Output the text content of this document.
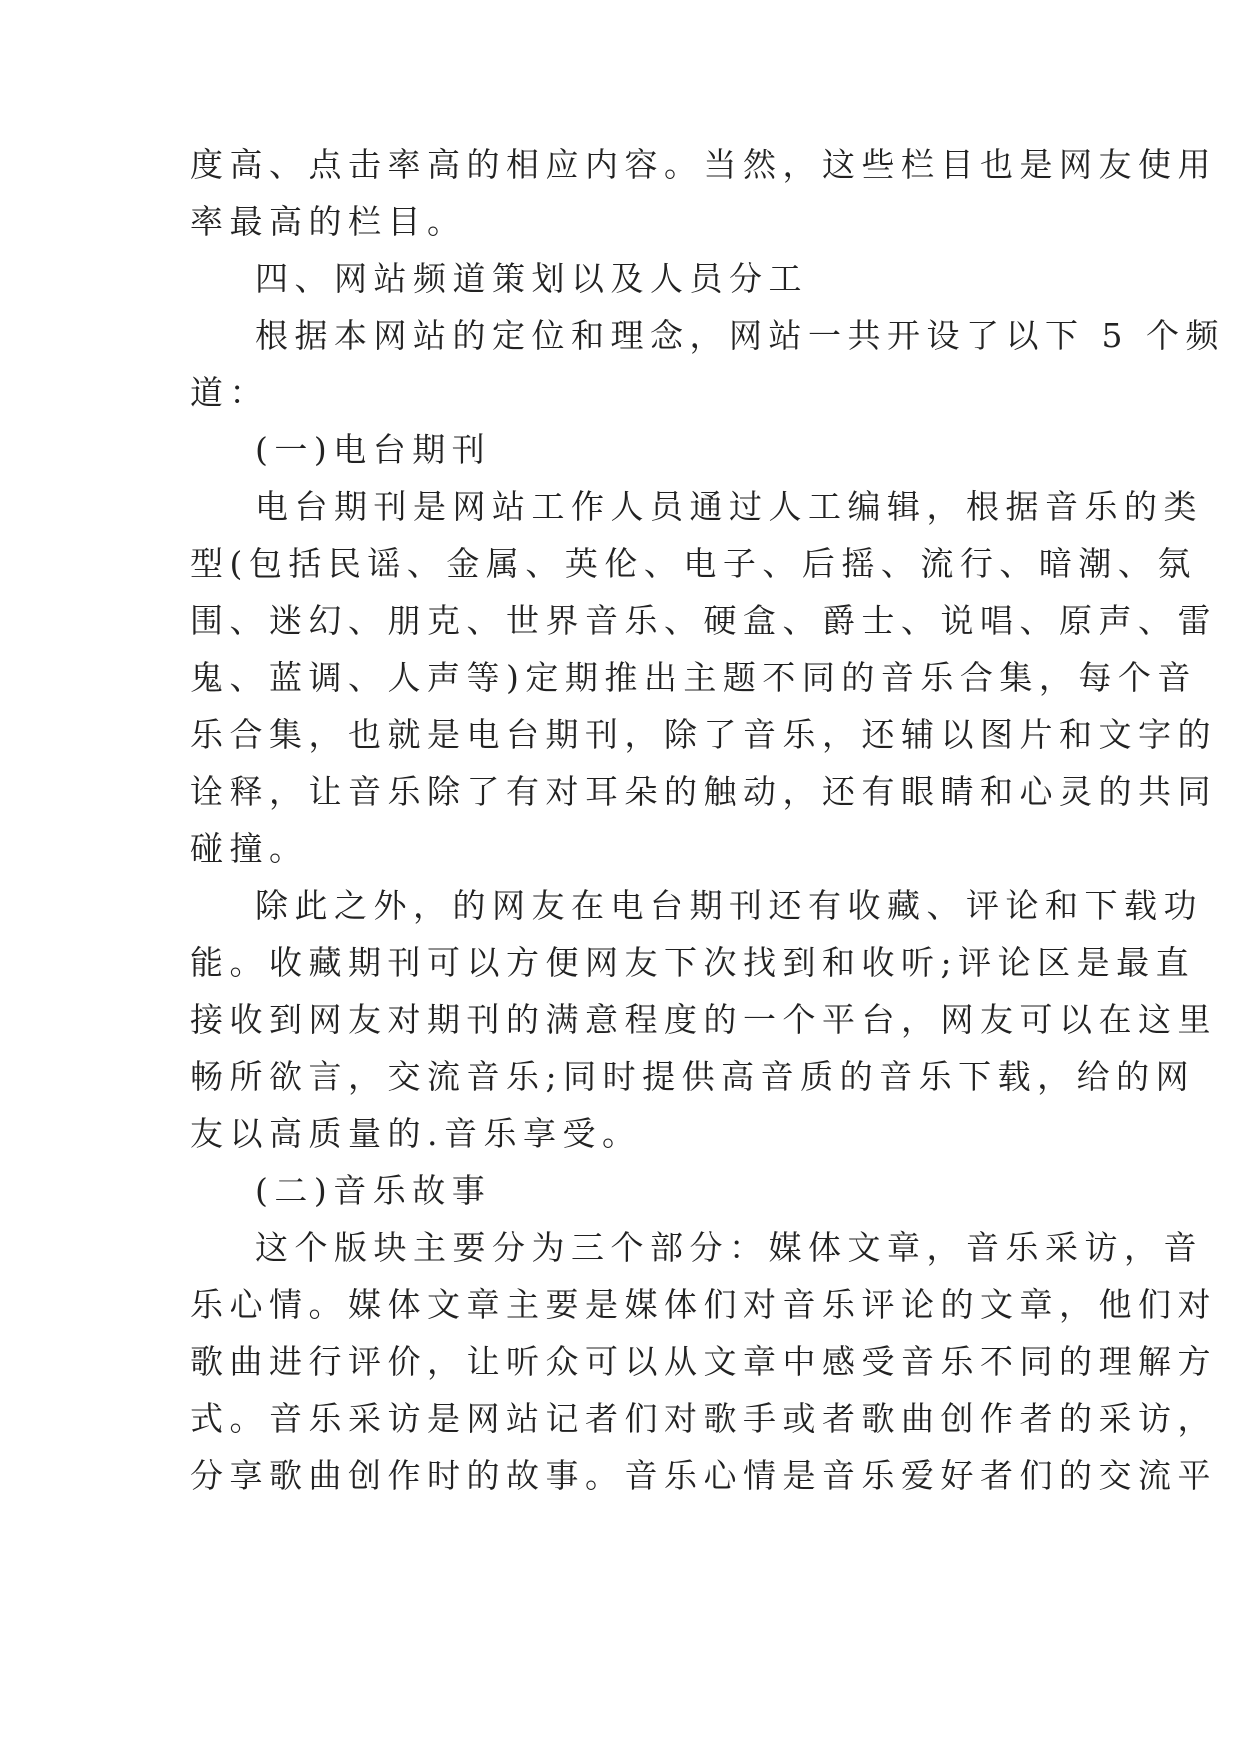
度高、点击率高的相应内容。当然，这些栏目也是网友使用
率最高的栏目。
四、网站频道策划以及人员分工
根据本网站的定位和理念，网站一共开设了以下 5 个频
道：
(一)电台期刊
电台期刊是网站工作人员通过人工编辑，根据音乐的类
型(包括民谣、金属、英伦、电子、后摇、流行、暗潮、氛
围、迷幻、朋克、世界音乐、硬盒、爵士、说唱、原声、雷
鬼、蓝调、人声等)定期推出主题不同的音乐合集，每个音
乐合集，也就是电台期刊，除了音乐，还辅以图片和文字的
诠释，让音乐除了有对耳朵的触动，还有眼睛和心灵的共同
碰撞。
除此之外，的网友在电台期刊还有收藏、评论和下载功
能。收藏期刊可以方便网友下次找到和收听;评论区是最直
接收到网友对期刊的满意程度的一个平台，网友可以在这里
畅所欲言，交流音乐;同时提供高音质的音乐下载，给的网
友以高质量的.音乐享受。
(二)音乐故事
这个版块主要分为三个部分：媒体文章，音乐采访，音
乐心情。媒体文章主要是媒体们对音乐评论的文章，他们对
歌曲进行评价，让听众可以从文章中感受音乐不同的理解方
式。音乐采访是网站记者们对歌手或者歌曲创作者的采访，
分享歌曲创作时的故事。音乐心情是音乐爱好者们的交流平
